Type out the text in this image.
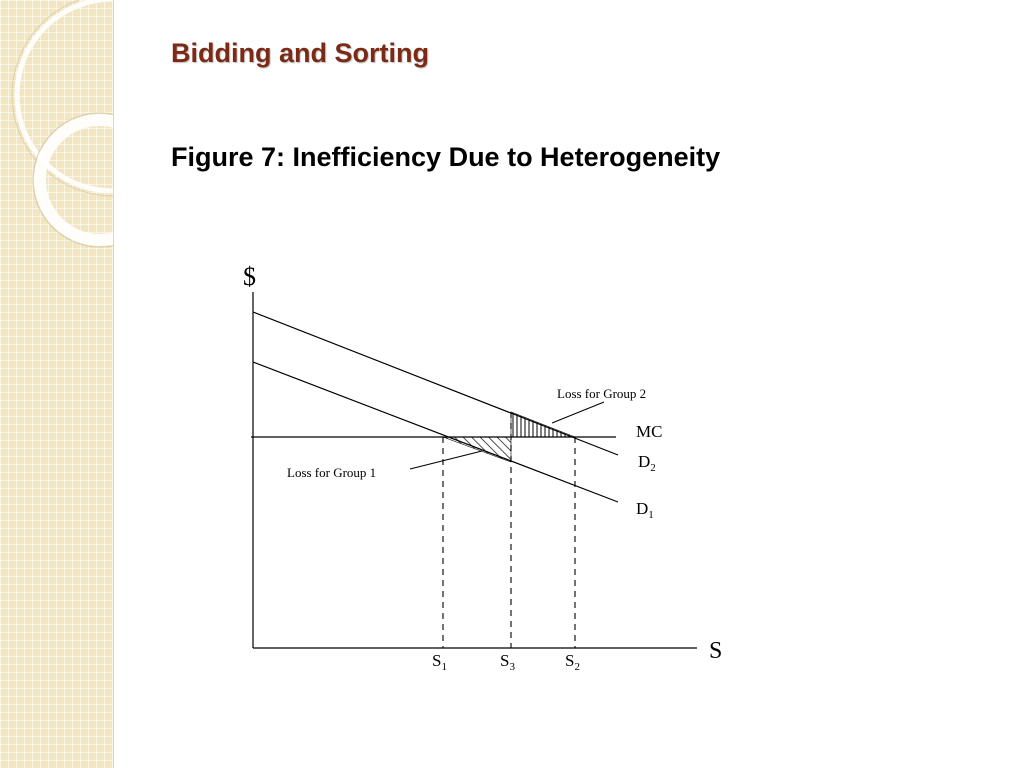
Bidding and Sorting
Figure 7: Inefficiency Due to Heterogeneity
$
S
MC
$D_2$
$D_1$
$S_1$	$S_3$	$S_2$
Loss for Group 2
Loss for Group 1
